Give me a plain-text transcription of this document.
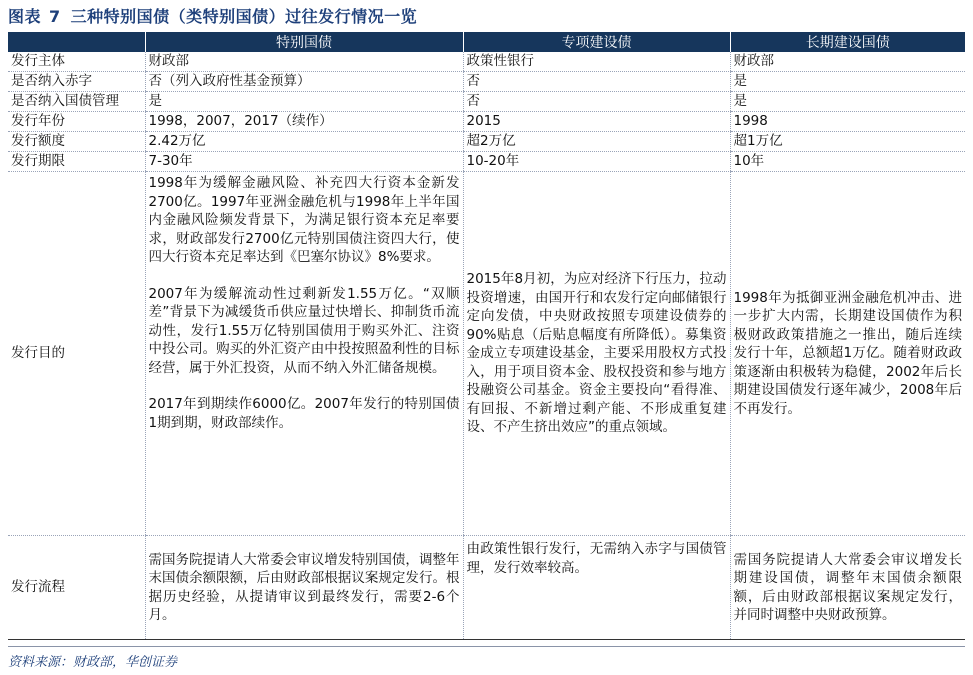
图表 7 三种特别国债（类特别国债）过往发行情况一览
	特别国债	专项建设债	长期建设国债
发行主体	财政部	政策性银行	财政部
是否纳入赤字	否（列入政府性基金预算）	否	是
是否纳入国债管理	是	否	是
发行年份	1998，2007，2017（续作）	2015	1998
发行额度	2.42万亿	超2万亿	超1万亿
发行期限	7-30年	10-20年	10年
发行目的	1998年为缓解金融风险、补充四大行资本金新发2700亿。1997年亚洲金融危机与1998年上半年国内金融风险频发背景下，为满足银行资本充足率要求，财政部发行2700亿元特别国债注资四大行，使四大行资本充足率达到《巴塞尔协议》8%要求。

2007年为缓解流动性过剩新发1.55万亿。“双顺差”背景下为减缓货币供应量过快增长、抑制货币流动性，发行1.55万亿特别国债用于购买外汇、注资中投公司。购买的外汇资产由中投按照盈利性的目标经营，属于外汇投资，从而不纳入外汇储备规模。

2017年到期续作6000亿。2007年发行的特别国债1期到期，财政部续作。	2015年8月初，为应对经济下行压力，拉动投资增速，由国开行和农发行定向邮储银行定向发债，中央财政按照专项建设债券的90%贴息（后贴息幅度有所降低）。募集资金成立专项建设基金，主要采用股权方式投入，用于项目资本金、股权投资和参与地方投融资公司基金。资金主要投向“看得准、有回报、不新增过剩产能、不形成重复建设、不产生挤出效应”的重点领域。	1998年为抵御亚洲金融危机冲击、进一步扩大内需，长期建设国债作为积极财政政策措施之一推出，随后连续发行十年，总额超1万亿。随着财政政策逐渐由积极转为稳健，2002年后长期建设国债发行逐年减少，2008年后不再发行。

发行流程	需国务院提请人大常委会审议增发特别国债，调整年末国债余额限额，后由财政部根据议案规定发行。根据历史经验，从提请审议到最终发行，需要2-6个月。	由政策性银行发行，无需纳入赤字与国债管理，发行效率较高。	需国务院提请人大常委会审议增发长期建设国债，调整年末国债余额限额，后由财政部根据议案规定发行，并同时调整中央财政预算。

资料来源：财政部，华创证券
